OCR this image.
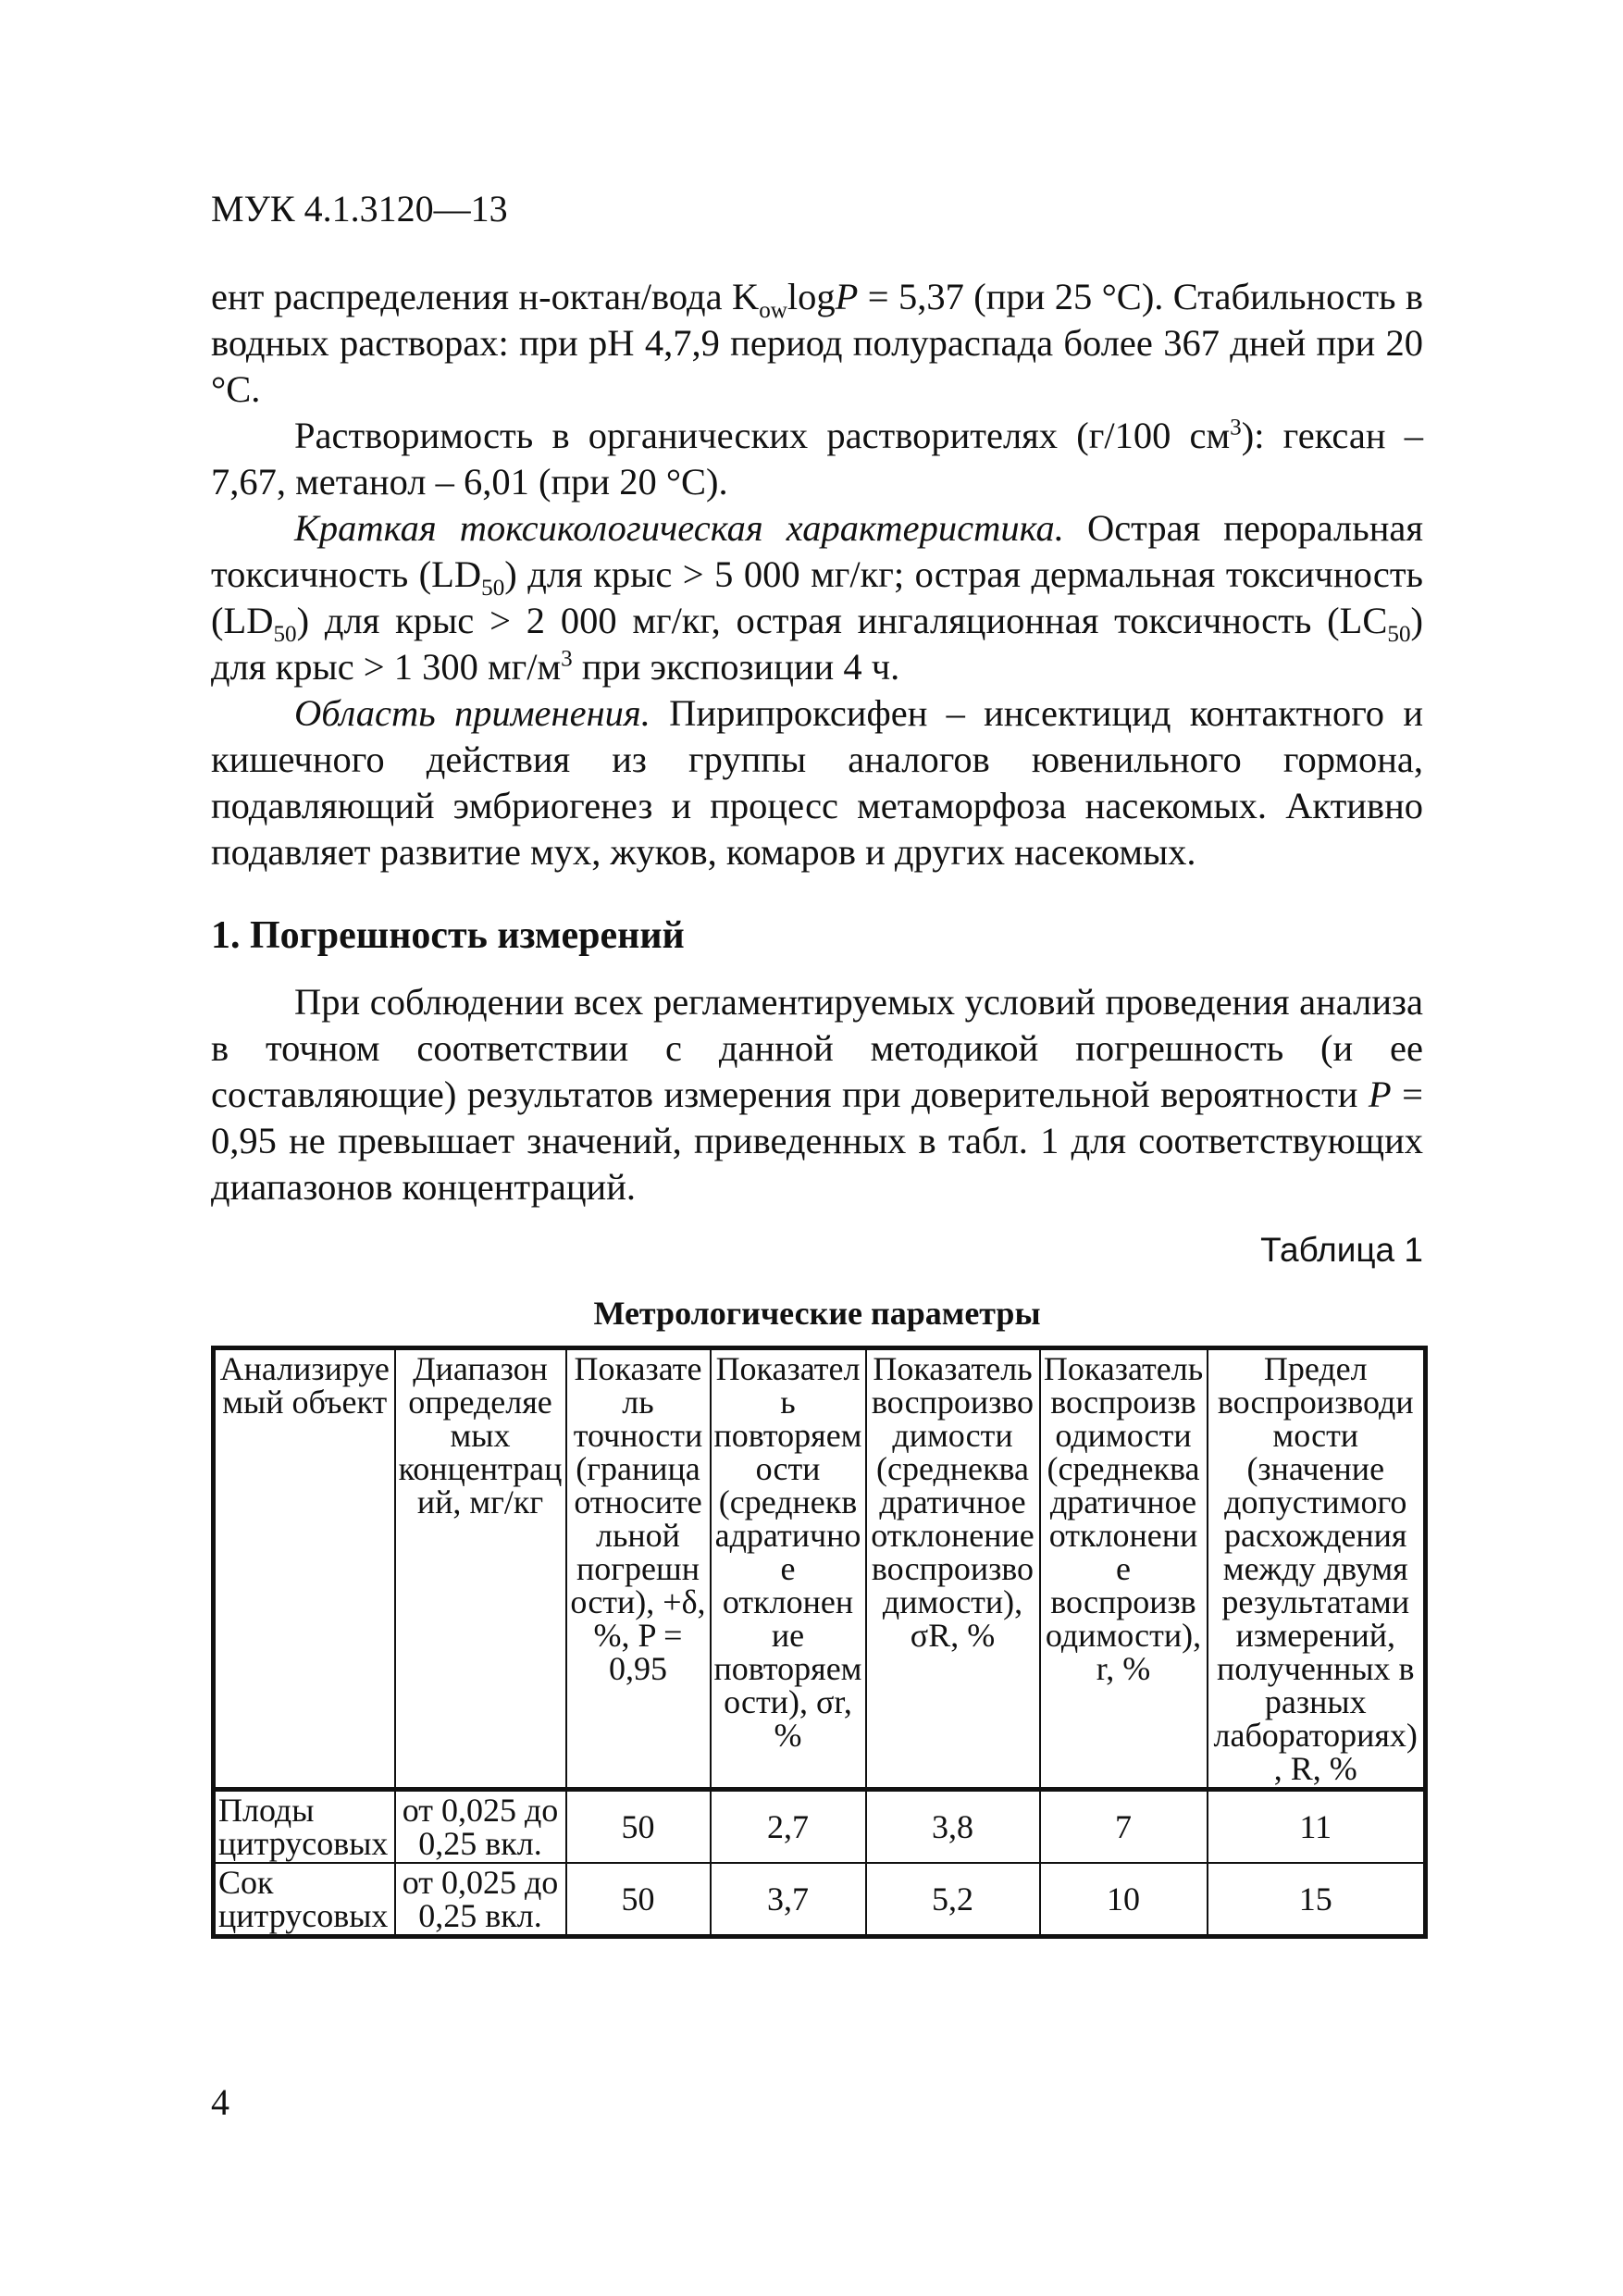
МУК 4.1.3120—13

ент распределения н-октан/вода $K_{ow}\log P = 5,37$ (при 25 °С). Стабильность в водных растворах: при pH 4,7,9 период полураспада более 367 дней при 20 °С.

Растворимость в органических растворителях (г/100 $см^3$): гексан – 7,67, метанол – 6,01 (при 20 °С).

Краткая токсикологическая характеристика. Острая пероральная токсичность $(LD_{50})$ для крыс > 5 000 мг/кг; острая дермальная токсичность $(LD_{50})$ для крыс > 2 000 мг/кг, острая ингаляционная токсичность $(LC_{50})$ для крыс > 1 300 $мг/м^3$ при экспозиции 4 ч.

Область применения. Пирипроксифен – инсектицид контактного и кишечного действия из группы аналогов ювенильного гормона, подавляющий эмбриогенез и процесс метаморфоза насекомых. Активно подавляет развитие мух, жуков, комаров и других насекомых.

1. Погрешность измерений

При соблюдении всех регламентируемых условий проведения анализа в точном соответствии с данной методикой погрешность (и ее составляющие) результатов измерения при доверительной вероятности P = 0,95 не превышает значений, приведенных в табл. 1 для соответствующих диапазонов концентраций.

Таблица 1

Метрологические параметры

Анализируемый объект	Диапазон определяемых концентраций, мг/кг	Показатель точности (граница относительной погрешности), +δ, %, P = 0,95	Показатель повторяемости (среднеквадратичное отклонение повторяемости), σr, %	Показатель воспроизводимости (среднеквадратичное отклонение воспроизводимости), σR, %	Показатель воспроизводимости (среднеквадратичное отклонение воспроизводимости), r, %	Предел воспроизводимости (значение допустимого расхождения между двумя результатами измерений, полученных в разных лабораториях), R, %
Плоды цитрусовых	от 0,025 до 0,25 вкл.	50	2,7	3,8	7	11
Сок цитрусовых	от 0,025 до 0,25 вкл.	50	3,7	5,2	10	15
4
